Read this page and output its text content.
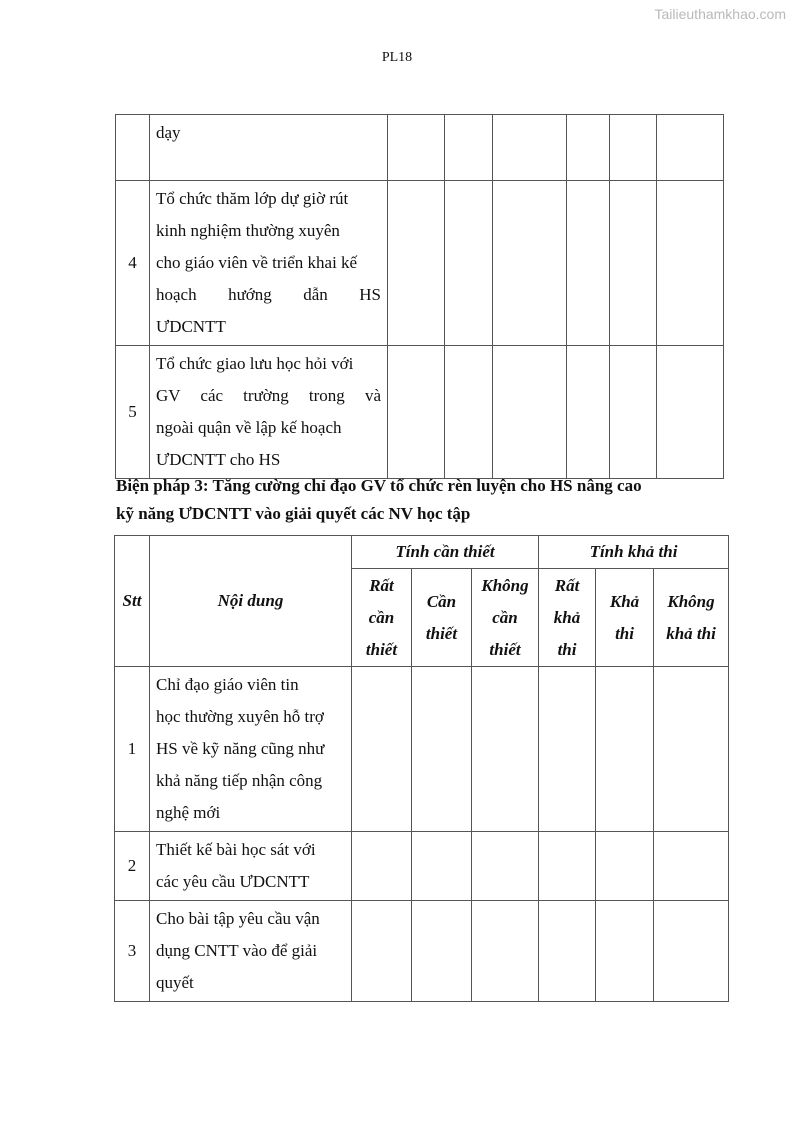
Tailieuthamkhao.com
PL18

	dạy						

4	Tổ chức thăm lớp dự giờ rút
kinh nghiệm thường xuyên
cho giáo viên về triển khai kế
hoạch hướng dẫn HS
ƯDCNTT						

5	Tổ chức giao lưu học hỏi với
GV các trường trong và
ngoài quận về lập kế hoạch
ƯDCNTT cho HS						

Biện pháp 3: Tăng cường chỉ đạo GV tổ chức rèn luyện cho HS nâng cao
kỹ năng ƯDCNTT vào giải quyết các NV học tập
Stt	Nội dung	Tính cần thiết			Tính khả thi		

		Rất
cần
thiết	Cần
thiết	Không
cần
thiết	Rất
khả
thi	Khả
thi	Không
khả thi

1	Chỉ đạo giáo viên tin
học thường xuyên hỗ trợ
HS về kỹ năng cũng như
khả năng tiếp nhận công
nghệ mới						

2	Thiết kế bài học sát với
các yêu cầu ƯDCNTT						

3	Cho bài tập yêu cầu vận
dụng CNTT vào để giải
quyết						
